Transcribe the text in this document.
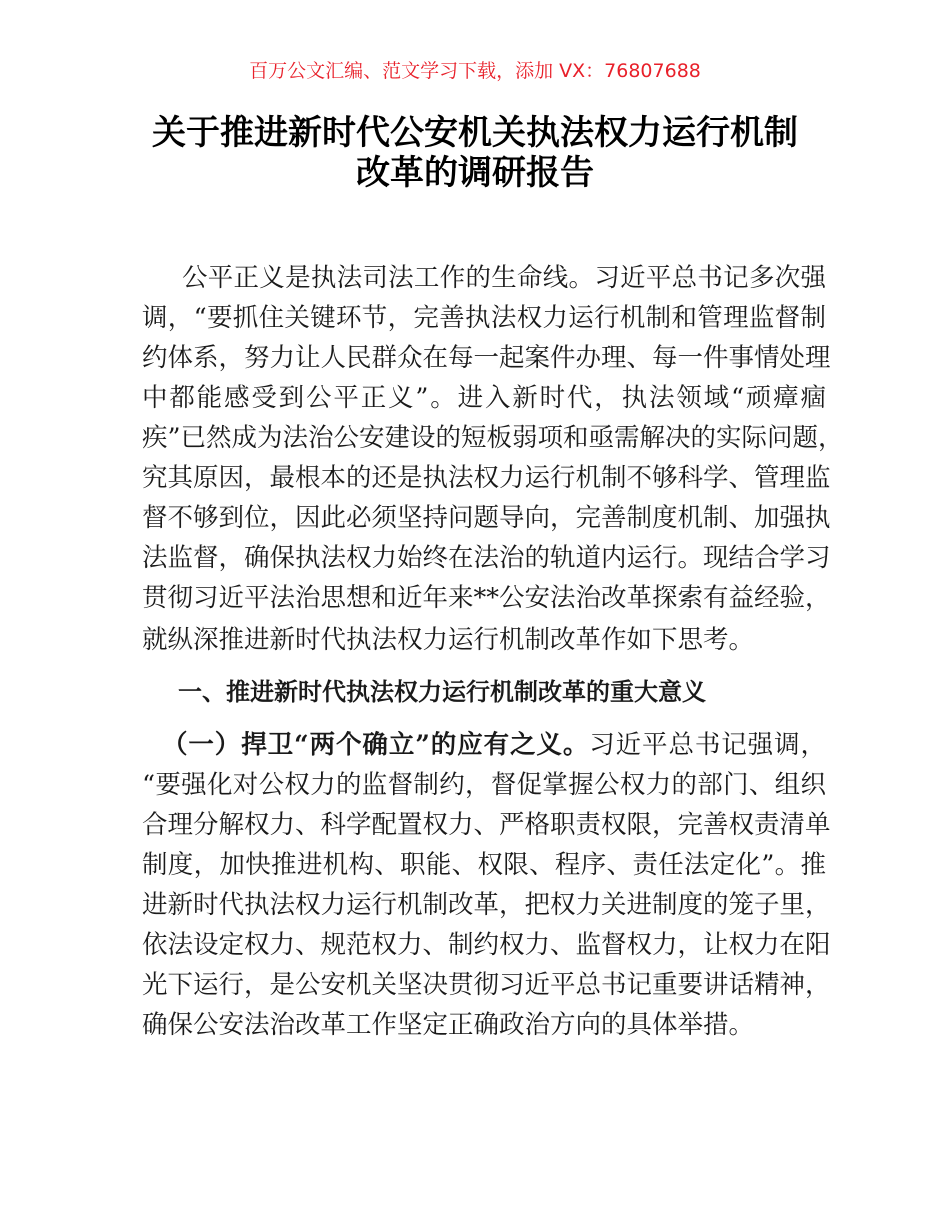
百万公文汇编、范文学习下载，添加 VX：76807688
关于推进新时代公安机关执法权力运行机制
改革的调研报告
公平正义是执法司法工作的生命线。习近平总书记多次强
调，“要抓住关键环节，完善执法权力运行机制和管理监督制
约体系，努力让人民群众在每一起案件办理、每一件事情处理
中都能感受到公平正义”。进入新时代，执法领域“顽瘴痼
疾”已然成为法治公安建设的短板弱项和亟需解决的实际问题，
究其原因，最根本的还是执法权力运行机制不够科学、管理监
督不够到位，因此必须坚持问题导向，完善制度机制、加强执
法监督，确保执法权力始终在法治的轨道内运行。现结合学习
贯彻习近平法治思想和近年来**公安法治改革探索有益经验，
就纵深推进新时代执法权力运行机制改革作如下思考。
一、推进新时代执法权力运行机制改革的重大意义
（一）捍卫“两个确立”的应有之义。习近平总书记强调，
“要强化对公权力的监督制约，督促掌握公权力的部门、组织
合理分解权力、科学配置权力、严格职责权限，完善权责清单
制度，加快推进机构、职能、权限、程序、责任法定化”。推
进新时代执法权力运行机制改革，把权力关进制度的笼子里，
依法设定权力、规范权力、制约权力、监督权力，让权力在阳
光下运行，是公安机关坚决贯彻习近平总书记重要讲话精神，
确保公安法治改革工作坚定正确政治方向的具体举措。
